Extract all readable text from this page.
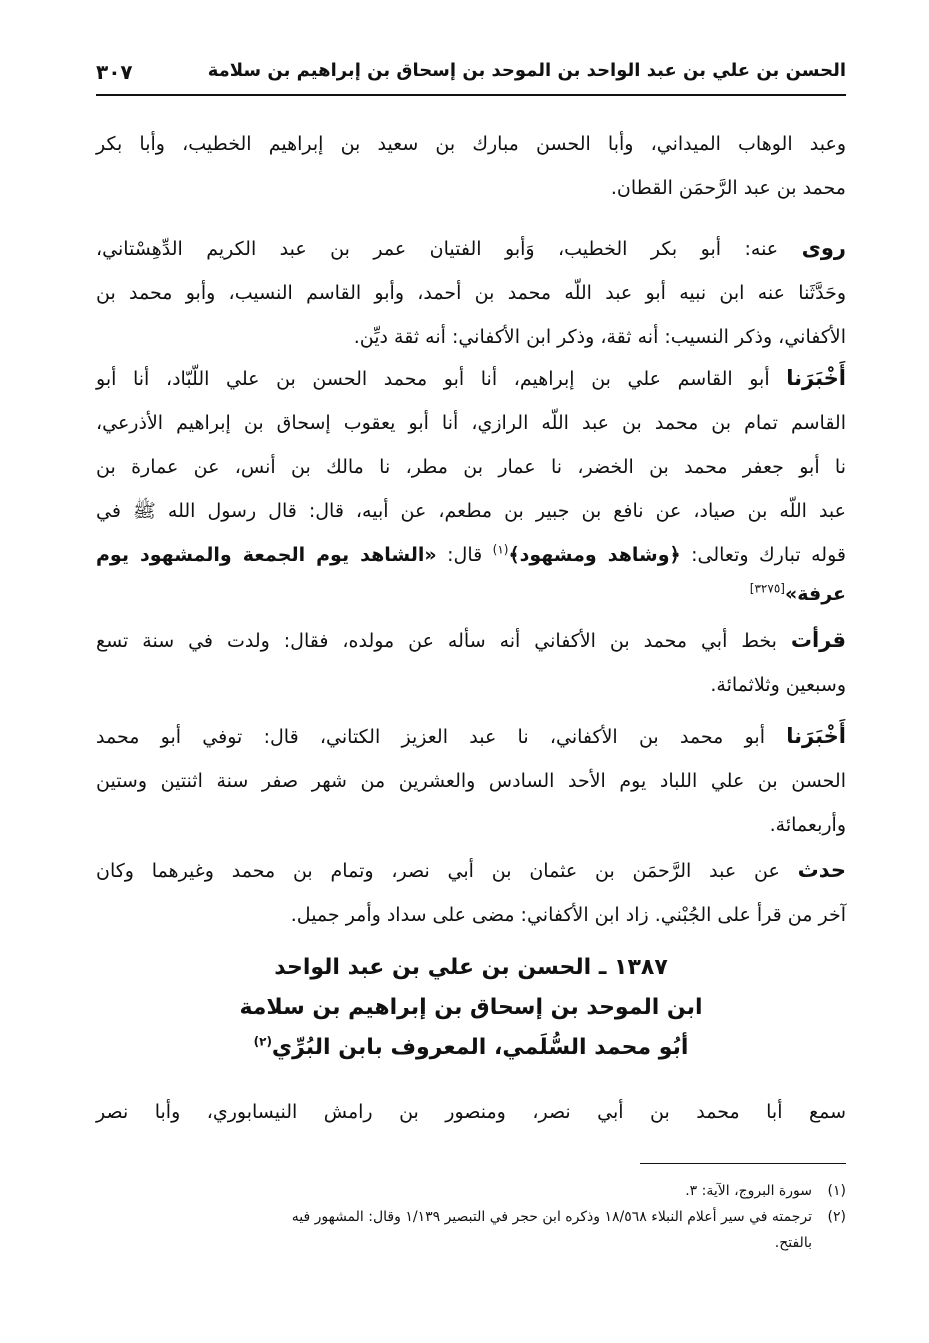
الحسن بن علي بن عبد الواحد بن الموحد بن إسحاق بن إبراهيم بن سلامة
٣٠٧
وعبد الوهاب الميداني، وأبا الحسن مبارك بن سعيد بن إبراهيم الخطيب، وأبا بكر
محمد بن عبد الرَّحمَن القطان.
روى عنه: أبو بكر الخطيب، وَأبو الفتيان عمر بن عبد الكريم الدِّهِسْتاني،
وحَدَّثَنا عنه ابن نبيه أبو عبد اللّه محمد بن أحمد، وأبو القاسم النسيب، وأبو محمد بن
الأكفاني، وذكر النسيب: أنه ثقة، وذكر ابن الأكفاني: أنه ثقة ديِّن.
أَخْبَرَنا أبو القاسم علي بن إبراهيم، أنا أبو محمد الحسن بن علي اللّبّاد، أنا أبو
القاسم تمام بن محمد بن عبد اللّه الرازي، أنا أبو يعقوب إسحاق بن إبراهيم الأذرعي،
نا أبو جعفر محمد بن الخضر، نا عمار بن مطر، نا مالك بن أنس، عن عمارة بن
عبد اللّه بن صياد، عن نافع بن جبير بن مطعم، عن أبيه، قال: قال رسول الله ﷺ في
قوله تبارك وتعالى: ﴿وشاهد ومشهود﴾$^{(١)}$ قال: «الشاهد يوم الجمعة والمشهود يوم
عرفة»[٣٢٧٥]
قرأت بخط أبي محمد بن الأكفاني أنه سأله عن مولده، فقال: ولدت في سنة تسع
وسبعين وثلاثمائة.
أَخْبَرَنا أبو محمد بن الأكفاني، نا عبد العزيز الكتاني، قال: توفي أبو محمد
الحسن بن علي اللباد يوم الأحد السادس والعشرين من شهر صفر سنة اثنتين وستين
وأربعمائة.
حدث عن عبد الرَّحمَن بن عثمان بن أبي نصر، وتمام بن محمد وغيرهما وكان
آخر من قرأ على الجُبْني. زاد ابن الأكفاني: مضى على سداد وأمر جميل.
١٣٨٧ ـ الحسن بن علي بن عبد الواحد
ابن الموحد بن إسحاق بن إبراهيم بن سلامة
أبُو محمد السُّلَمي، المعروف بابن البُرِّي$^{(٢)}$
سمع أبا محمد بن أبي نصر، ومنصور بن رامش النيسابوري، وأبا نصر
(١)سورة البروج، الآية: ٣.
(٢)ترجمته في سير أعلام النبلاء ١٨/٥٦٨ وذكره ابن حجر في التبصير ١/١٣٩ وقال: المشهور فيه
بالفتح.
